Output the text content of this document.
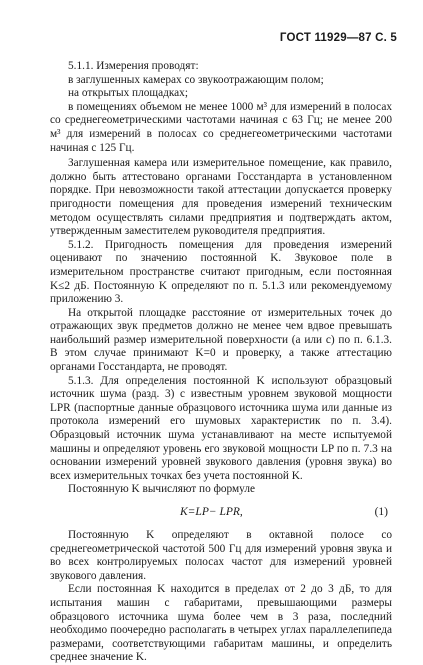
ГОСТ 11929—87 С. 5

5.1.1. Измерения проводят:

в заглушенных камерах со звукоотражающим полом;

на открытых площадках;

в помещениях объемом не менее 1000 м³ для измерений в полосах со среднегеометрическими частотами начиная с 63 Гц; не менее 200 м³ для измерений в полосах со среднегеометрическими частотами начиная с 125 Гц.

Заглушенная камера или измерительное помещение, как правило, должно быть аттестовано органами Госстандарта в установленном порядке. При невозможности такой аттестации допускается проверку пригодности помещения для проведения измерений техническим методом осуществлять силами предприятия и подтверждать актом, утвержденным заместителем руководителя предприятия.

5.1.2. Пригодность помещения для проведения измерений оценивают по значению постоянной K. Звуковое поле в измерительном пространстве считают пригодным, если постоянная K≤2 дБ. Постоянную K определяют по п. 5.1.3 или рекомендуемому приложению 3.

На открытой площадке расстояние от измерительных точек до отражающих звук предметов должно не менее чем вдвое превышать наибольший размер измерительной поверхности (a или c) по п. 6.1.3. В этом случае принимают K=0 и проверку, а также аттестацию органами Госстандарта, не проводят.

5.1.3. Для определения постоянной K используют образцовый источник шума (разд. 3) с известным уровнем звуковой мощности LPR (паспортные данные образцового источника шума или данные из протокола измерений его шумовых характеристик по п. 3.4). Образцовый источник шума устанавливают на месте испытуемой машины и определяют уровень его звуковой мощности LP по п. 7.3 на основании измерений уровней звукового давления (уровня звука) во всех измерительных точках без учета постоянной K.

Постоянную K вычисляют по формуле

K=LP− LPR,	(1)

Постоянную K определяют в октавной полосе со среднегеометрической частотой 500 Гц для измерений уровня звука и во всех контролируемых полосах частот для измерений уровней звукового давления.

Если постоянная K находится в пределах от 2 до 3 дБ, то для испытания машин с габаритами, превышающими размеры образцового источника шума более чем в 3 раза, последний необходимо поочередно располагать в четырех углах параллелепипеда размерами, соответствующими габаритам машины, и определить среднее значение K.
